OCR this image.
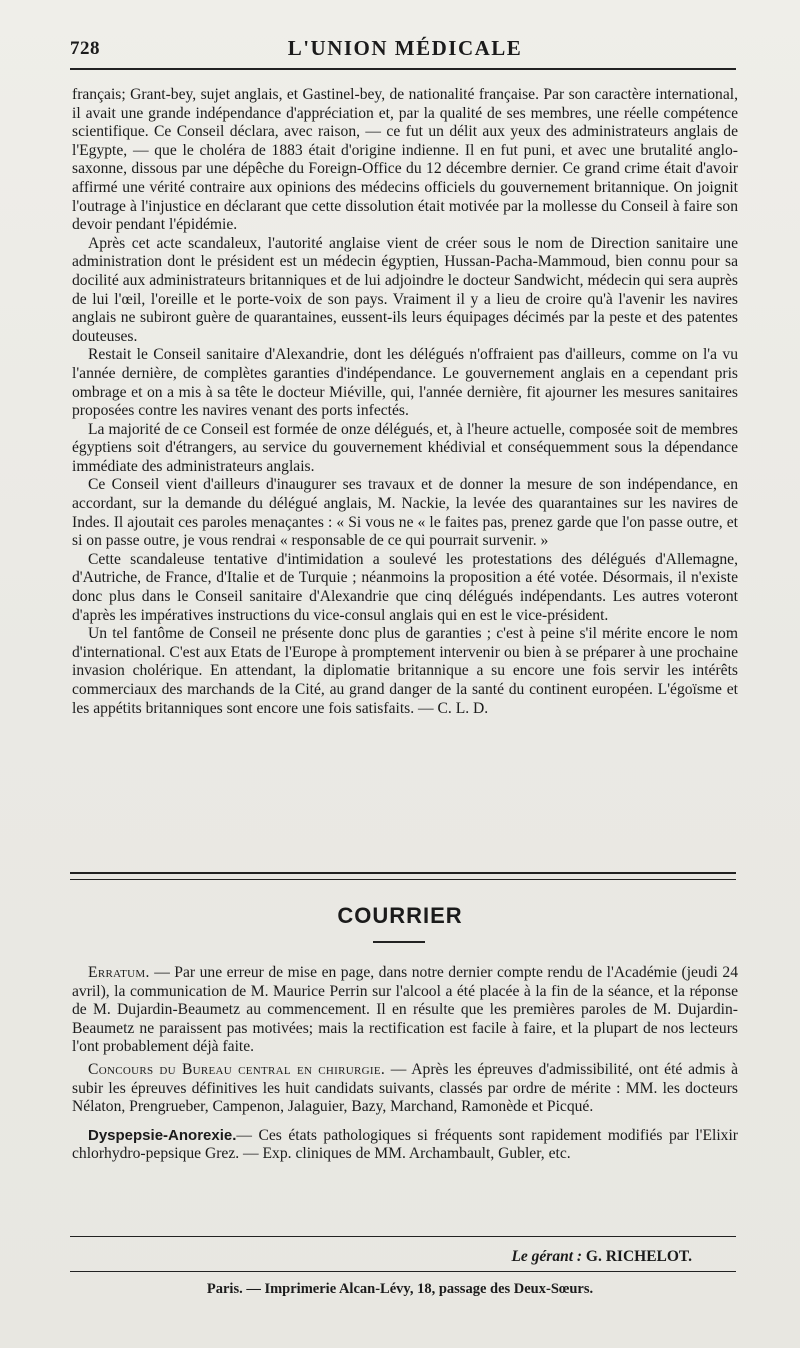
728	L'UNION MÉDICALE

français; Grant-bey, sujet anglais, et Gastinel-bey, de nationalité française. Par son caractère international, il avait une grande indépendance d'appréciation et, par la qualité de ses membres, une réelle compétence scientifique. Ce Conseil déclara, avec raison, — ce fut un délit aux yeux des administrateurs anglais de l'Egypte, — que le choléra de 1883 était d'origine indienne. Il en fut puni, et avec une brutalité anglo-saxonne, dissous par une dépêche du Foreign-Office du 12 décembre dernier. Ce grand crime était d'avoir affirmé une vérité contraire aux opinions des médecins officiels du gouvernement britannique. On joignit l'outrage à l'injustice en déclarant que cette dissolution était motivée par la mollesse du Conseil à faire son devoir pendant l'épidémie.

Après cet acte scandaleux, l'autorité anglaise vient de créer sous le nom de Direction sanitaire une administration dont le président est un médecin égyptien, Hussan-Pacha-Mammoud, bien connu pour sa docilité aux administrateurs britanniques et de lui adjoindre le docteur Sandwicht, médecin qui sera auprès de lui l'œil, l'oreille et le porte-voix de son pays. Vraiment il y a lieu de croire qu'à l'avenir les navires anglais ne subiront guère de quarantaines, eussent-ils leurs équipages décimés par la peste et des patentes douteuses.

Restait le Conseil sanitaire d'Alexandrie, dont les délégués n'offraient pas d'ailleurs, comme on l'a vu l'année dernière, de complètes garanties d'indépendance. Le gouvernement anglais en a cependant pris ombrage et on a mis à sa tête le docteur Miéville, qui, l'année dernière, fit ajourner les mesures sanitaires proposées contre les navires venant des ports infectés.

La majorité de ce Conseil est formée de onze délégués, et, à l'heure actuelle, composée soit de membres égyptiens soit d'étrangers, au service du gouvernement khédivial et conséquemment sous la dépendance immédiate des administrateurs anglais.

Ce Conseil vient d'ailleurs d'inaugurer ses travaux et de donner la mesure de son indépendance, en accordant, sur la demande du délégué anglais, M. Nackie, la levée des quarantaines sur les navires de Indes. Il ajoutait ces paroles menaçantes : « Si vous ne « le faites pas, prenez garde que l'on passe outre, et si on passe outre, je vous rendrai « responsable de ce qui pourrait survenir. »

Cette scandaleuse tentative d'intimidation a soulevé les protestations des délégués d'Allemagne, d'Autriche, de France, d'Italie et de Turquie ; néanmoins la proposition a été votée. Désormais, il n'existe donc plus dans le Conseil sanitaire d'Alexandrie que cinq délégués indépendants. Les autres voteront d'après les impératives instructions du vice-consul anglais qui en est le vice-président.

Un tel fantôme de Conseil ne présente donc plus de garanties ; c'est à peine s'il mérite encore le nom d'international. C'est aux Etats de l'Europe à promptement intervenir ou bien à se préparer à une prochaine invasion cholérique. En attendant, la diplomatie britannique a su encore une fois servir les intérêts commerciaux des marchands de la Cité, au grand danger de la santé du continent européen. L'égoïsme et les appétits britanniques sont encore une fois satisfaits. — C. L. D.

COURRIER

Erratum. — Par une erreur de mise en page, dans notre dernier compte rendu de l'Académie (jeudi 24 avril), la communication de M. Maurice Perrin sur l'alcool a été placée à la fin de la séance, et la réponse de M. Dujardin-Beaumetz au commencement. Il en résulte que les premières paroles de M. Dujardin-Beaumetz ne paraissent pas motivées; mais la rectification est facile à faire, et la plupart de nos lecteurs l'ont probablement déjà faite.

Concours du Bureau central en chirurgie. — Après les épreuves d'admissibilité, ont été admis à subir les épreuves définitives les huit candidats suivants, classés par ordre de mérite : MM. les docteurs Nélaton, Prengrueber, Campenon, Jalaguier, Bazy, Marchand, Ramonède et Picqué.

Dyspepsie-Anorexie.— Ces états pathologiques si fréquents sont rapidement modifiés par l'Elixir chlorhydro-pepsique Grez. — Exp. cliniques de MM. Archambault, Gubler, etc.

Le gérant : G. RICHELOT.
Paris. — Imprimerie Alcan-Lévy, 18, passage des Deux-Sœurs.
